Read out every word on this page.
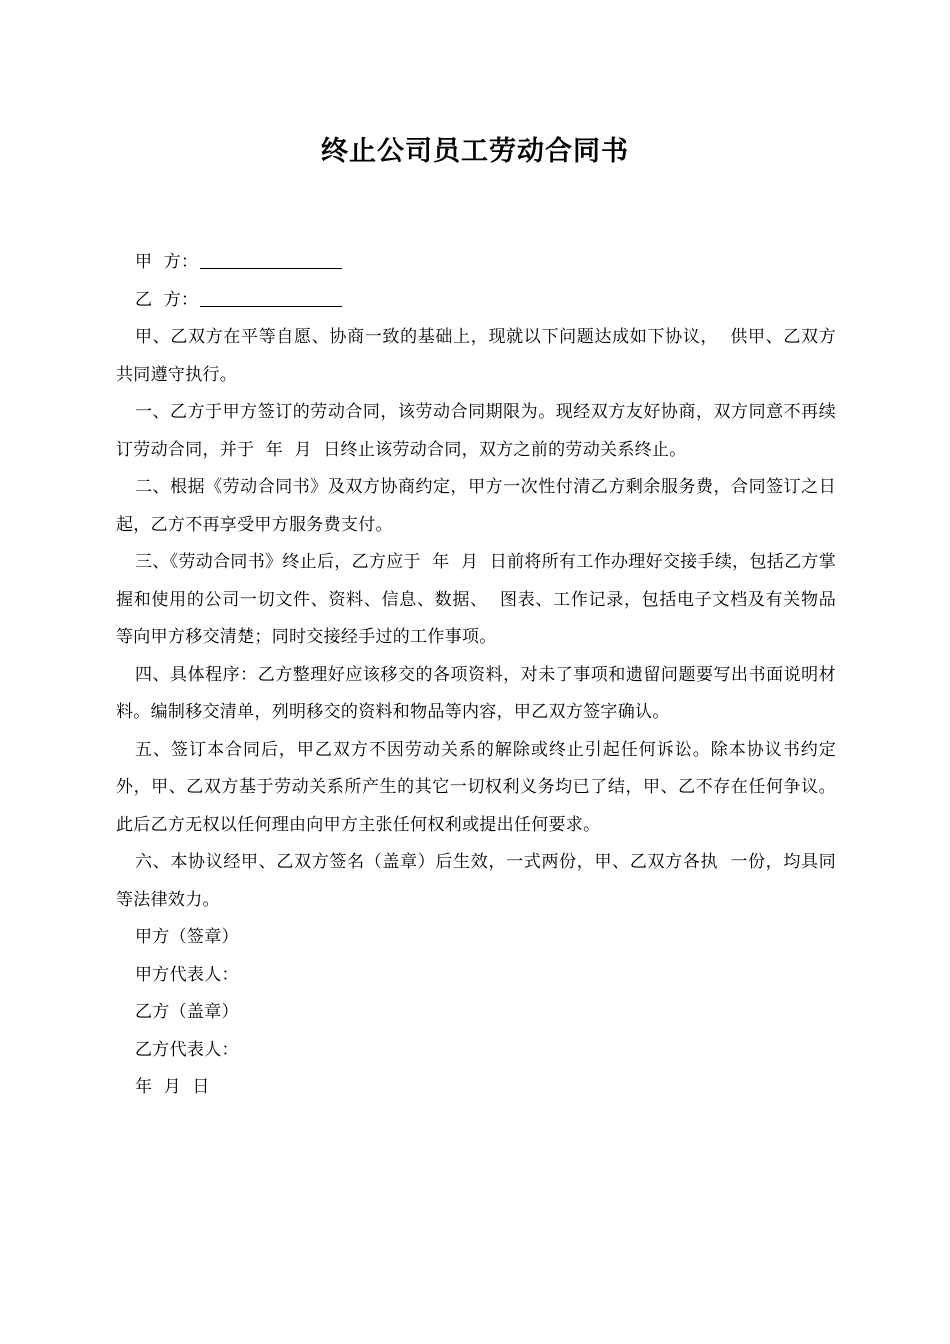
终止公司员工劳动合同书

甲  方：

乙  方：

甲、乙双方在平等自愿、协商一致的基础上，现就以下问题达成如下协议，  供甲、乙双方共同遵守执行。

一、乙方于甲方签订的劳动合同，该劳动合同期限为。现经双方友好协商，双方同意不再续订劳动合同，并于  年  月  日终止该劳动合同，双方之前的劳动关系终止。

二、根据《劳动合同书》及双方协商约定，甲方一次性付清乙方剩余服务费，合同签订之日起，乙方不再享受甲方服务费支付。

三、《劳动合同书》终止后，乙方应于  年  月  日前将所有工作办理好交接手续，包括乙方掌握和使用的公司一切文件、资料、信息、数据、  图表、工作记录，包括电子文档及有关物品等向甲方移交清楚；同时交接经手过的工作事项。

四、具体程序：乙方整理好应该移交的各项资料，对未了事项和遗留问题要写出书面说明材料。编制移交清单，列明移交的资料和物品等内容，甲乙双方签字确认。

五、签订本合同后，甲乙双方不因劳动关系的解除或终止引起任何诉讼。除本协议书约定外，甲、乙双方基于劳动关系所产生的其它一切权利义务均已了结，甲、乙不存在任何争议。此后乙方无权以任何理由向甲方主张任何权利或提出任何要求。

六、本协议经甲、乙双方签名（盖章）后生效，一式两份，甲、乙双方各执  一份，均具同等法律效力。

甲方（签章）

甲方代表人：

乙方（盖章）

乙方代表人：

年  月  日
